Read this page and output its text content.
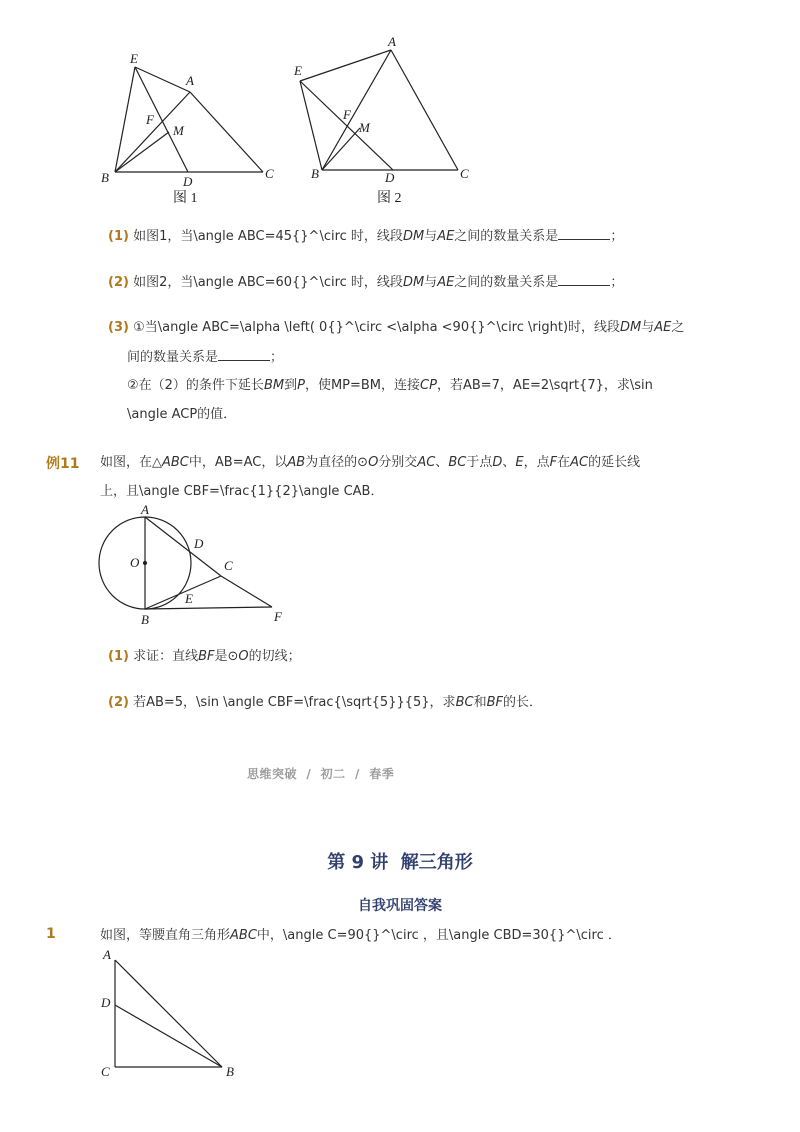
E
A
F
M
B	D
C
图 1
A
E
F
M
B	D	C
图 2
(1) 如图1，当\angle ABC=45{}^\circ 时，线段DM与AE之间的数量关系是	；
(2) 如图2，当\angle ABC=60{}^\circ 时，线段DM与AE之间的数量关系是	；
(3) ①当\angle ABC=\alpha \left( 0{}^\circ <\alpha <90{}^\circ \right)时，线段DM与AE之
间的数量关系是	；
②在（2）的条件下延长BM到P，使MP=BM，连接CP，若AB=7，AE=2\sqrt{7}，求\sin
\angle ACP的值．
例11 如图，在△ABC中，AB=AC，以AB为直径的⊙O分别交AC、BC于点D、E，点F在AC的延长线
上，且\angle CBF=\frac{1}{2}\angle CAB．
A
D
O	C
E
B	F
(1) 求证：直线BF是⊙O的切线；
(2) 若AB=5，\sin \angle CBF=\frac{\sqrt{5}}{5}，求BC和BF的长．
思维突破  /  初二  /  春季
第 9 讲  解三角形
自我巩固答案
1	如图，等腰直角三角形ABC中，\angle C=90{}^\circ ，且\angle CBD=30{}^\circ ．
A
D
C	B
